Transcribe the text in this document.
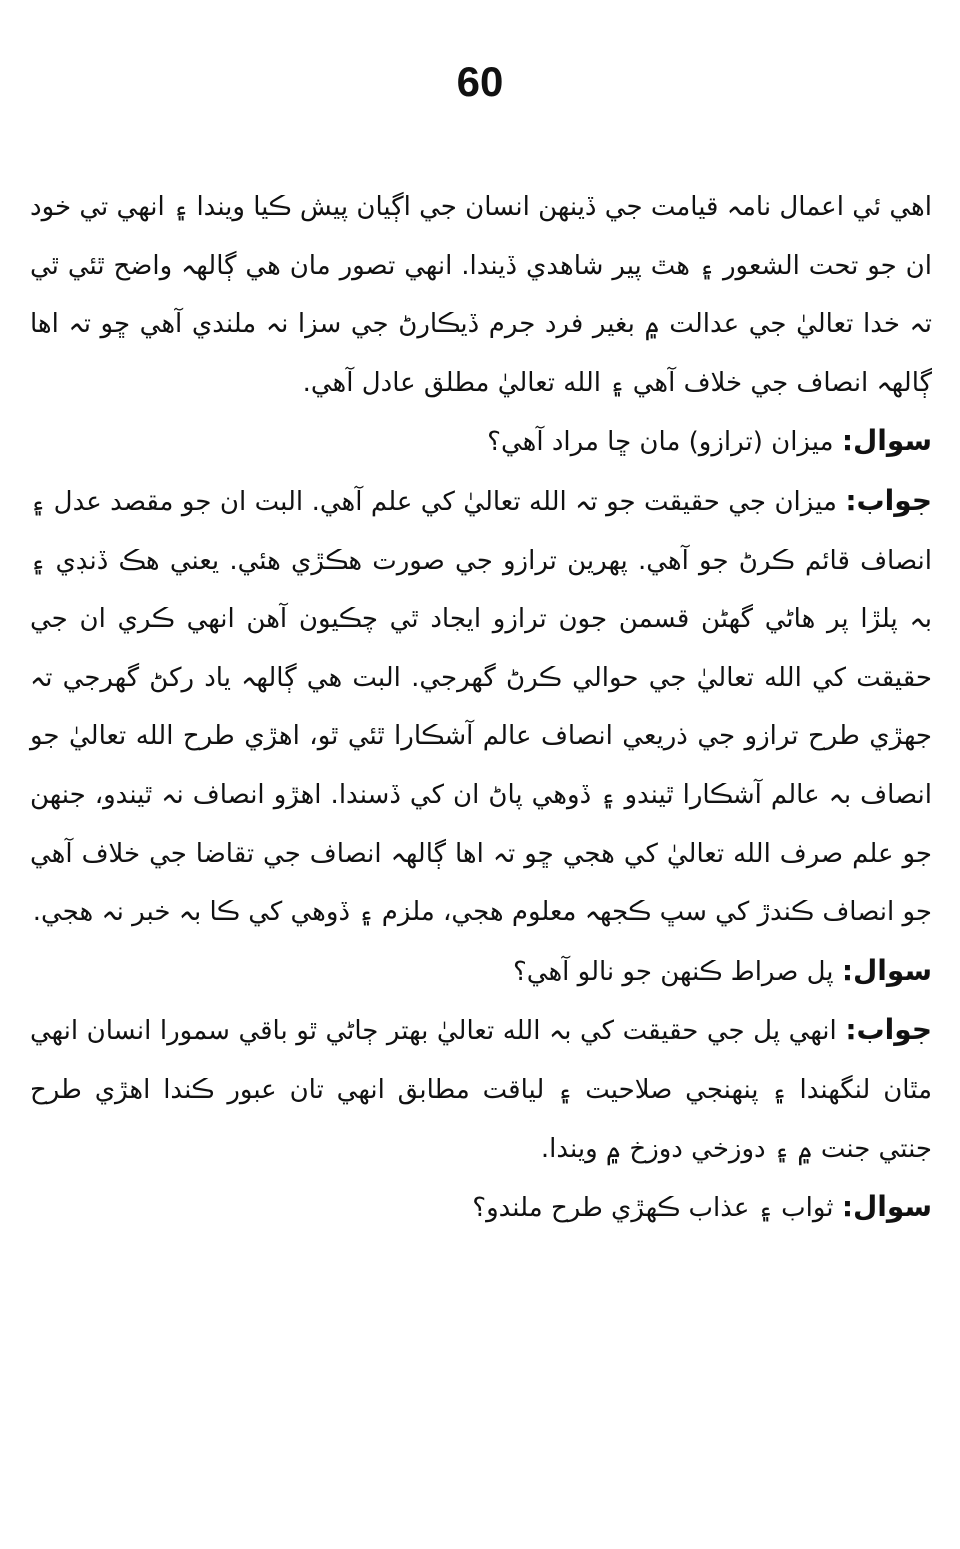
60

اهي ئي اعمال نامہ قيامت جي ڏينهن انسان جي اڳيان پيش ڪيا ويندا ۽ انهي تي خود ان جو تحت الشعور ۽ هٿ پير شاهدي ڏيندا. انهي تصور مان هي ڳالهہ واضح ٿئي ٿي تہ خدا تعاليٰ جي عدالت ۾ بغير فرد جرم ڏيڪارڻ جي سزا نہ ملندي آهي ڇو تہ اها ڳالهہ انصاف جي خلاف آهي ۽ الله تعاليٰ مطلق عادل آهي.

سوال: ميزان (ترازو) مان ڇا مراد آهي؟

جواب: ميزان جي حقيقت جو تہ الله تعاليٰ کي علم آهي. البت ان جو مقصد عدل ۽ انصاف قائم ڪرڻ جو آهي. پهرين ترازو جي صورت هڪڙي هئي. يعني هڪ ڏنڊي ۽ بہ پلڙا پر هاڻي گهڻن قسمن جون ترازو ايجاد ٿي چڪيون آهن انهي ڪري ان جي حقيقت کي الله تعاليٰ جي حوالي ڪرڻ گهرجي. البت هي ڳالهہ ياد رکڻ گهرجي تہ جهڙي طرح ترازو جي ذريعي انصاف عالم آشڪارا ٿئي ٿو، اهڙي طرح الله تعاليٰ جو انصاف بہ عالم آشڪارا ٿيندو ۽ ڏوهي پاڻ ان کي ڏسندا. اهڙو انصاف نہ ٿيندو، جنهن جو علم صرف الله تعاليٰ کي هجي ڇو تہ اها ڳالهہ انصاف جي تقاضا جي خلاف آهي جو انصاف ڪندڙ کي سڀ ڪجهہ معلوم هجي، ملزم ۽ ڏوهي کي ڪا بہ خبر نہ هجي.

سوال: پل صراط ڪنهن جو نالو آهي؟

جواب: انهي پل جي حقيقت کي بہ الله تعاليٰ بهتر ڄاڻي ٿو باقي سمورا انسان انهي مٿان لنگهندا ۽ پنهنجي صلاحيت ۽ لياقت مطابق انهي تان عبور ڪندا اهڙي طرح جنتي جنت ۾ ۽ دوزخي دوزخ ۾ ويندا.

سوال: ثواب ۽ عذاب ڪهڙي طرح ملندو؟
